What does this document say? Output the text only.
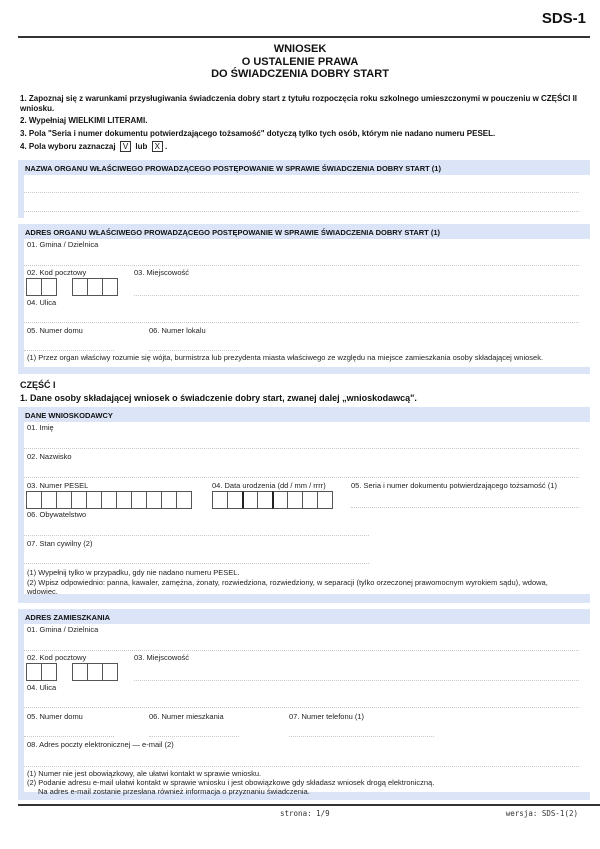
SDS-1
WNIOSEK
O USTALENIE PRAWA
DO ŚWIADCZENIA DOBRY START

1. Zapoznaj się z warunkami przysługiwania świadczenia dobry start z tytułu rozpoczęcia roku szkolnego umieszczonymi w pouczeniu w CZĘŚCI II wniosku.

2. Wypełniaj WIELKIMI LITERAMI.

3. Pola "Seria i numer dokumentu potwierdzającego tożsamość" dotyczą tylko tych osób, którym nie nadano numeru PESEL.

4. Pola wyboru zaznaczaj V lub X .

NAZWA ORGANU WŁAŚCIWEGO PROWADZĄCEGO POSTĘPOWANIE W SPRAWIE ŚWIADCZENIA DOBRY START (1)
ADRES ORGANU WŁAŚCIWEGO PROWADZĄCEGO POSTĘPOWANIE W SPRAWIE ŚWIADCZENIA DOBRY START (1)
01. Gmina / Dzielnica
02. Kod pocztowy	03. Miejscowość
04. Ulica
05. Numer domu	06. Numer lokalu
(1) Przez organ właściwy rozumie się wójta, burmistrza lub prezydenta miasta właściwego ze względu na miejsce zamieszkania osoby składającej wniosek.
CZĘŚĆ I
1. Dane osoby składającej wniosek o świadczenie dobry start, zwanej dalej „wnioskodawcą".
DANE WNIOSKODAWCY
01. Imię
02. Nazwisko
03. Numer PESEL	04. Data urodzenia (dd / mm / rrrr)	05. Seria i numer dokumentu potwierdzającego tożsamość (1)
06. Obywatelstwo
07. Stan cywilny (2)
(1) Wypełnij tylko w przypadku, gdy nie nadano numeru PESEL.
(2) Wpisz odpowiednio: panna, kawaler, zamężna, żonaty, rozwiedziona, rozwiedziony, w separacji (tylko orzeczonej prawomocnym wyrokiem sądu), wdowa, wdowiec.
ADRES ZAMIESZKANIA
01. Gmina / Dzielnica
02. Kod pocztowy	03. Miejscowość
04. Ulica
05. Numer domu	06. Numer mieszkania	07. Numer telefonu (1)
08. Adres poczty elektronicznej — e-mail (2)
(1) Numer nie jest obowiązkowy, ale ułatwi kontakt w sprawie wniosku.
(2) Podanie adresu e-mail ułatwi kontakt w sprawie wniosku i jest obowiązkowe gdy składasz wniosek drogą elektroniczną.
Na adres e-mail zostanie przesłana również informacja o przyznaniu świadczenia.
strona: 1/9	wersja: SDS-1(2)
